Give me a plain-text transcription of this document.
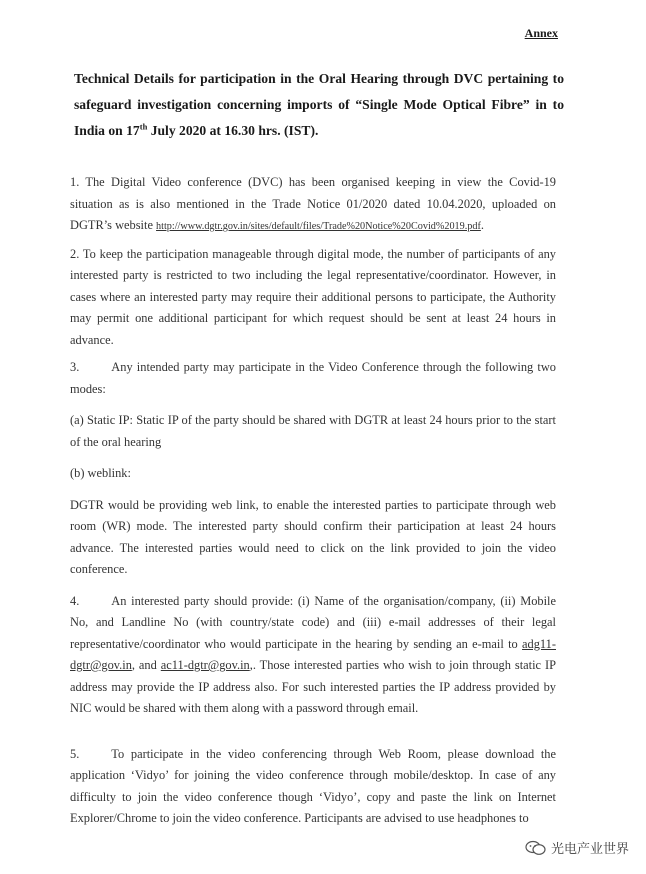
Annex
Technical Details for participation in the Oral Hearing through DVC pertaining to safeguard investigation concerning imports of “Single Mode Optical Fibre” in to India on 17th July 2020 at 16.30 hrs. (IST).

1. The Digital Video conference (DVC) has been organised keeping in view the Covid-19 situation as is also mentioned in the Trade Notice 01/2020 dated 10.04.2020, uploaded on DGTR’s website http://www.dgtr.gov.in/sites/default/files/Trade%20Notice%20Covid%2019.pdf.

2. To keep the participation manageable through digital mode, the number of participants of any interested party is restricted to two including the legal representative/coordinator. However, in cases where an interested party may require their additional persons to participate, the Authority may permit one additional participant for which request should be sent at least 24 hours in advance.

3.	Any intended party may participate in the Video Conference through the following two modes:

(a) Static IP: Static IP of the party should be shared with DGTR at least 24 hours prior to the start of the oral hearing

(b) weblink:

DGTR would be providing web link, to enable the interested parties to participate through web room (WR) mode. The interested party should confirm their participation at least 24 hours advance. The interested parties would need to click on the link provided to join the video conference.

4.	An interested party should provide: (i) Name of the organisation/company, (ii) Mobile No, and Landline No (with country/state code) and (iii) e-mail addresses of their legal representative/coordinator who would participate in the hearing by sending an e-mail to adg11-dgtr@gov.in, and ac11-dgtr@gov.in,. Those interested parties who wish to join through static IP address may provide the IP address also. For such interested parties the IP address provided by NIC would be shared with them along with a password through email.

5.	To participate in the video conferencing through Web Room, please download the application ‘Vidyo’ for joining the video conference through mobile/desktop. In case of any difficulty to join the video conference though ‘Vidyo’, copy and paste the link on Internet Explorer/Chrome to join the video conference. Participants are advised to use headphones to

光电产业世界
